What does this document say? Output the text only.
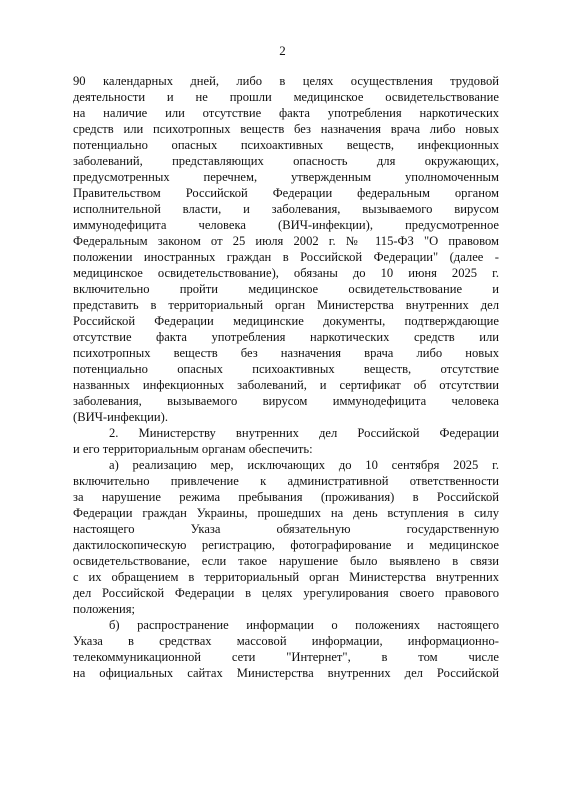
2
90 календарных дней, либо в целях осуществления трудовой
деятельности и не прошли медицинское освидетельствование
на наличие или отсутствие факта употребления наркотических
средств или психотропных веществ без назначения врача либо новых
потенциально опасных психоактивных веществ, инфекционных
заболеваний, представляющих опасность для окружающих,
предусмотренных перечнем, утвержденным уполномоченным
Правительством Российской Федерации федеральным органом
исполнительной власти, и заболевания, вызываемого вирусом
иммунодефицита человека (ВИЧ-инфекции), предусмотренное
Федеральным законом от 25 июля 2002 г. № 115-ФЗ "О правовом
положении иностранных граждан в Российской Федерации" (далее -
медицинское освидетельствование), обязаны до 10 июня 2025 г.
включительно пройти медицинское освидетельствование и
представить в территориальный орган Министерства внутренних дел
Российской Федерации медицинские документы, подтверждающие
отсутствие факта употребления наркотических средств или
психотропных веществ без назначения врача либо новых
потенциально опасных психоактивных веществ, отсутствие
названных инфекционных заболеваний, и сертификат об отсутствии
заболевания, вызываемого вирусом иммунодефицита человека
(ВИЧ-инфекции).
2. Министерству внутренних дел Российской Федерации
и его территориальным органам обеспечить:
а) реализацию мер, исключающих до 10 сентября 2025 г.
включительно привлечение к административной ответственности
за нарушение режима пребывания (проживания) в Российской
Федерации граждан Украины, прошедших на день вступления в силу
настоящего Указа обязательную государственную
дактилоскопическую регистрацию, фотографирование и медицинское
освидетельствование, если такое нарушение было выявлено в связи
с их обращением в территориальный орган Министерства внутренних
дел Российской Федерации в целях урегулирования своего правового
положения;
б) распространение информации о положениях настоящего
Указа в средствах массовой информации, информационно-
телекоммуникационной сети "Интернет", в том числе
на официальных сайтах Министерства внутренних дел Российской
